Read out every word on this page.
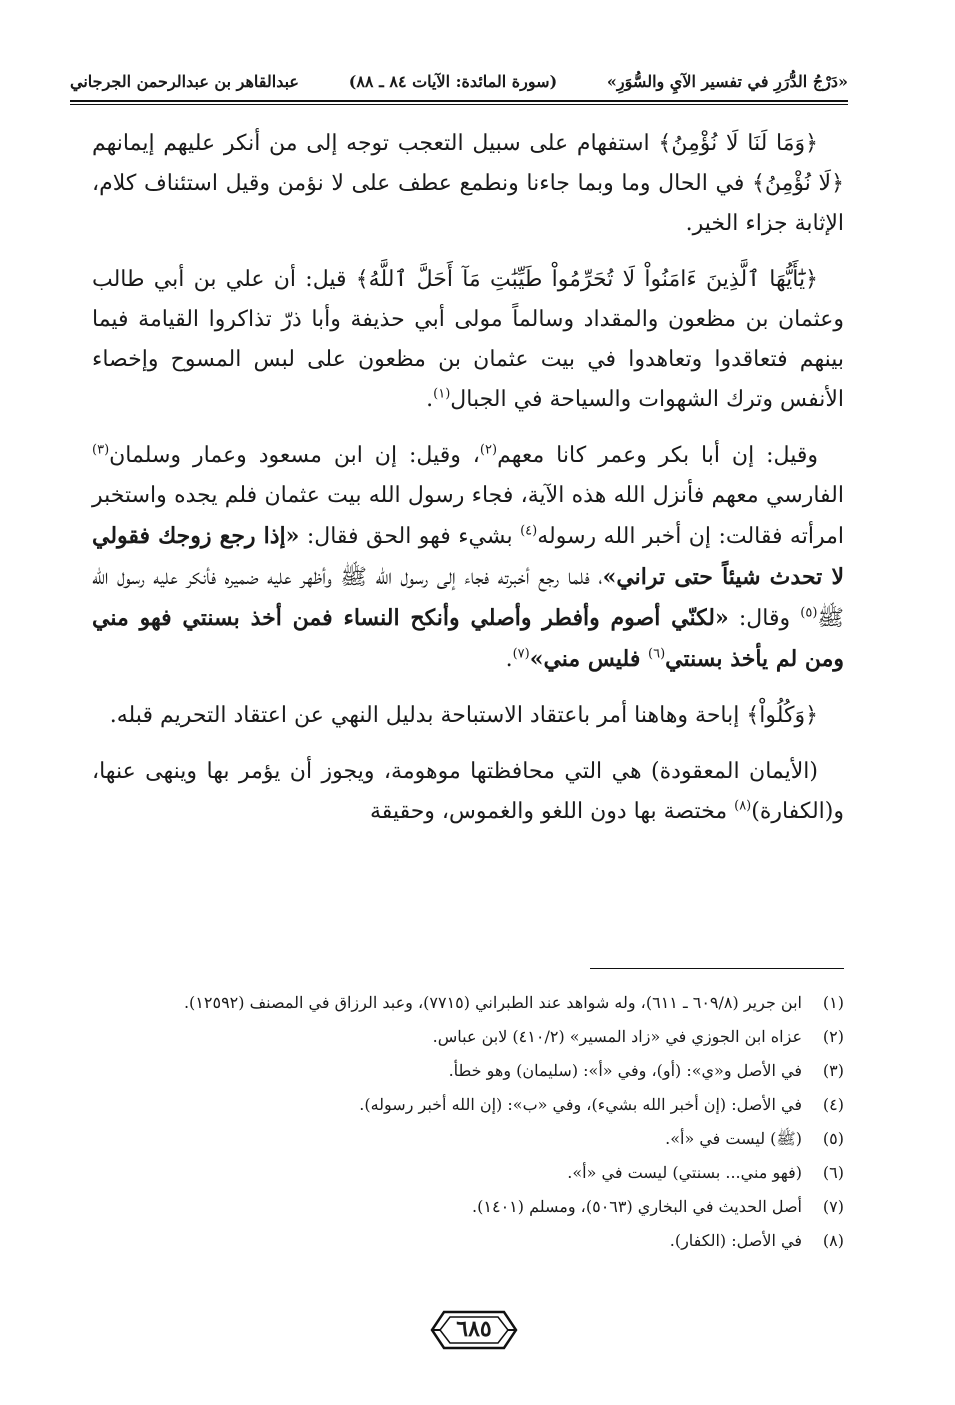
«دَرْجُ الدُّرَرِ في تفسير الآيِ والسُّوَرِ»
(سورة المائدة: الآيات ٨٤ ـ ٨٨)
عبدالقاهر بن عبدالرحمن الجرجاني

﴿وَمَا لَنَا لَا نُؤْمِنُ﴾ استفهام على سبيل التعجب توجه إلى من أنكر عليهم إيمانهم ﴿لَا نُؤْمِنُ﴾ في الحال وما وبما جاءنا ونطمع عطف على لا نؤمن وقيل استئناف كلام، الإثابة جزاء الخير.

﴿يَٰٓأَيُّهَا ٱلَّذِينَ ءَامَنُواْ لَا تُحَرِّمُواْ طَيِّبَٰتِ مَآ أَحَلَّ ٱللَّهُ﴾ قيل: أن علي بن أبي طالب وعثمان بن مظعون والمقداد وسالماً مولى أبي حذيفة وأبا ذرّ تذاكروا القيامة فيما بينهم فتعاقدوا وتعاهدوا في بيت عثمان بن مظعون على لبس المسوح وإخصاء الأنفس وترك الشهوات والسياحة في الجبال$^{(١)}$.

وقيل: إن أبا بكر وعمر كانا معهم$^{(٢)}$، وقيل: إن ابن مسعود وعمار وسلمان$^{(٣)}$ الفارسي معهم فأنزل الله هذه الآية، فجاء رسول الله بيت عثمان فلم يجده واستخبر امرأته فقالت: إن أخبر الله رسوله$^{(٤)}$ بشيء فهو الحق فقال: «إذا رجع زوجك فقولي لا تحدث شيئاً حتى تراني»، فلما رجع أخبرته فجاء إلى رسول الله ﷺ وأظهر عليه ضميره فأنكر عليه رسول الله ﷺ$^{(٥)}$ وقال: «لكنّي أصوم وأفطر وأصلي وأنكح النساء فمن أخذ بسنتي فهو مني ومن لم يأخذ بسنتي$^{(٦)}$ فليس مني»$^{(٧)}$.

﴿وَكُلُواْ﴾ إباحة وهاهنا أمر باعتقاد الاستباحة بدليل النهي عن اعتقاد التحريم قبله.

(الأيمان المعقودة) هي التي محافظتها موهومة، ويجوز أن يؤمر بها وينهى عنها، و(الكفارة)$^{(٨)}$ مختصة بها دون اللغو والغموس، وحقيقة

(١)
ابن جرير (٦٠٩/٨ ـ ٦١١)، وله شواهد عند الطبراني (٧٧١٥)، وعبد الرزاق في المصنف (١٢٥٩٢).
(٢)
عزاه ابن الجوزي في «زاد المسير» (٤١٠/٢) لابن عباس.
(٣)
في الأصل و«ي»: (أو)، وفي «أ»: (سليمان) وهو خطأ.
(٤)
في الأصل: (إن أخبر الله بشيء)، وفي «ب»: (إن الله أخبر رسوله).
(٥)
(ﷺ) ليست في «أ».
(٦)
(فهو مني... بسنتي) ليست في «أ».
(٧)
أصل الحديث في البخاري (٥٠٦٣)، ومسلم (١٤٠١).
(٨)
في الأصل: (الكفار).
٦٨٥
